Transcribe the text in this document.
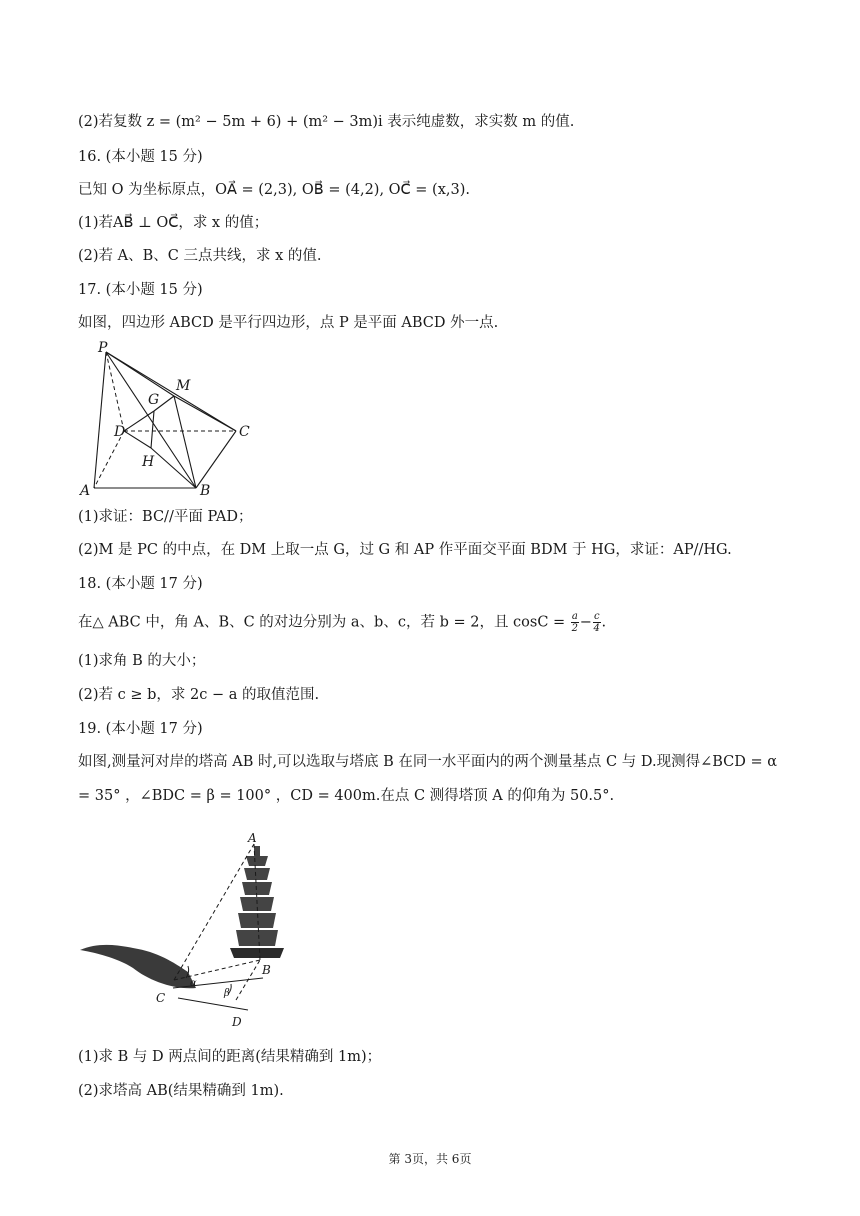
(2)若复数 z = (m² − 5m + 6) + (m² − 3m)i 表示纯虚数，求实数 m 的值.
16. (本小题 15 分)
已知 O 为坐标原点，OA⃗ = (2,3), OB⃗ = (4,2), OC⃗ = (x,3).
(1)若AB⃗ ⊥ OC⃗，求 x 的值；
(2)若 A、B、C 三点共线，求 x 的值.
17. (本小题 15 分)
如图，四边形 ABCD 是平行四边形，点 P 是平面 ABCD 外一点.
P
M
G
D	C
H
A	B
(1)求证：BC//平面 PAD；
(2)M 是 PC 的中点，在 DM 上取一点 G，过 G 和 AP 作平面交平面 BDM 于 HG，求证：AP//HG.
18. (本小题 17 分)
在△ ABC 中，角 A、B、C 的对边分别为 a、b、c，若 b = 2，且 $\cos C = \frac{a}{2} - \frac{c}{4}$ .
(1)求角 B 的大小；
(2)若 c ≥ b，求 2c − a 的取值范围.
19. (本小题 17 分)
如图,测量河对岸的塔高 AB 时,可以选取与塔底 B 在同一水平面内的两个测量基点 C 与 D.现测得∠BCD = α = 35° ，∠BDC = β = 100° ，CD = 400m.在点 C 测得塔顶 A 的仰角为 50.5°.
A
B
C
D
α
β
(1)求 B 与 D 两点间的距离(结果精确到 1m)；
(2)求塔高 AB(结果精确到 1m).
第 3页，共 6页
